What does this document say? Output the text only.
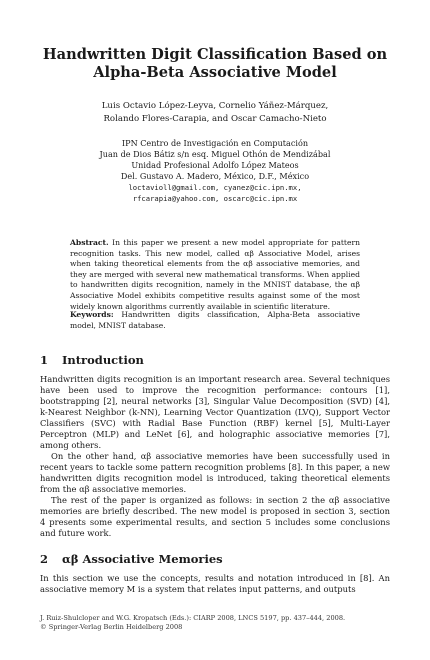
Handwritten Digit Classification Based on
Alpha-Beta Associative Model
Luis Octavio López-Leyva, Cornelio Yáñez-Márquez,
Rolando Flores-Carapia, and Oscar Camacho-Nieto
IPN Centro de Investigación en Computación
Juan de Dios Bátiz s/n esq. Miguel Othón de Mendizábal
Unidad Profesional Adolfo López Mateos
Del. Gustavo A. Madero, México, D.F., México
loctavioll@gmail.com, cyanez@cic.ipn.mx,
rfcarapia@yahoo.com, oscarc@cic.ipn.mx
Abstract. In this paper we present a new model appropriate for pattern recognition tasks. This new model, called αβ Associative Model, arises when taking theoretical elements from the αβ associative memories, and they are merged with several new mathematical transforms. When applied to handwritten digits recognition, namely in the MNIST database, the αβ Associative Model exhibits competitive results against some of the most widely known algorithms currently available in scientific literature.
Keywords: Handwritten digits classification, Alpha-Beta associative model, MNIST database.
1 Introduction

Handwritten digits recognition is an important research area. Several techniques have been used to improve the recognition performance: contours [1], bootstrapping [2], neural networks [3], Singular Value Decomposition (SVD) [4], k-Nearest Neighbor (k-NN), Learning Vector Quantization (LVQ), Support Vector Classifiers (SVC) with Radial Base Function (RBF) kernel [5], Multi-Layer Perceptron (MLP) and LeNet [6], and holographic associative memories [7], among others.

On the other hand, αβ associative memories have been successfully used in recent years to tackle some pattern recognition problems [8]. In this paper, a new handwritten digits recognition model is introduced, taking theoretical elements from the αβ associative memories.

The rest of the paper is organized as follows: in section 2 the αβ associative memories are briefly described. The new model is proposed in section 3, section 4 presents some experimental results, and section 5 includes some conclusions and future work.

2 αβ Associative Memories

In this section we use the concepts, results and notation introduced in [8]. An associative memory M is a system that relates input patterns, and outputs

J. Ruiz-Shulcloper and W.G. Kropatsch (Eds.): CIARP 2008, LNCS 5197, pp. 437–444, 2008.
© Springer-Verlag Berlin Heidelberg 2008
